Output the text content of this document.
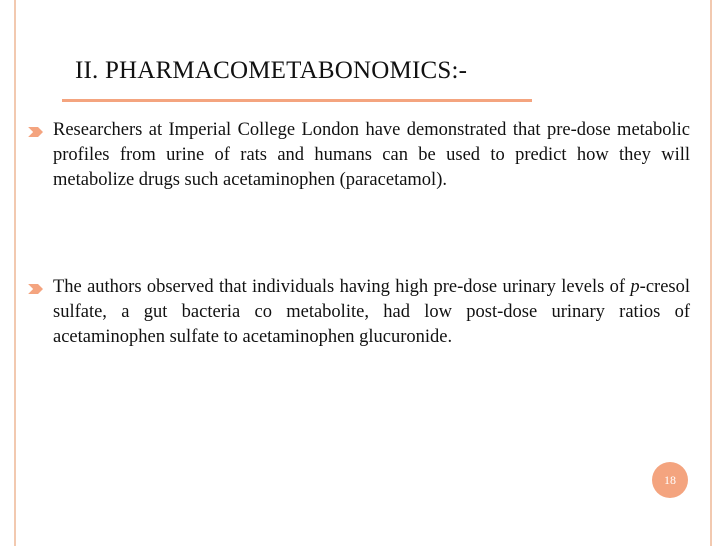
II. PHARMACOMETABONOMICS:-
Researchers at Imperial College London have demonstrated that pre-dose metabolic profiles from urine of rats and humans can be used to predict how they will metabolize drugs such acetaminophen (paracetamol).
The authors observed that individuals having high pre-dose urinary levels of p-cresol sulfate, a gut bacteria co metabolite, had low post-dose urinary ratios of acetaminophen sulfate to acetaminophen glucuronide.
18
